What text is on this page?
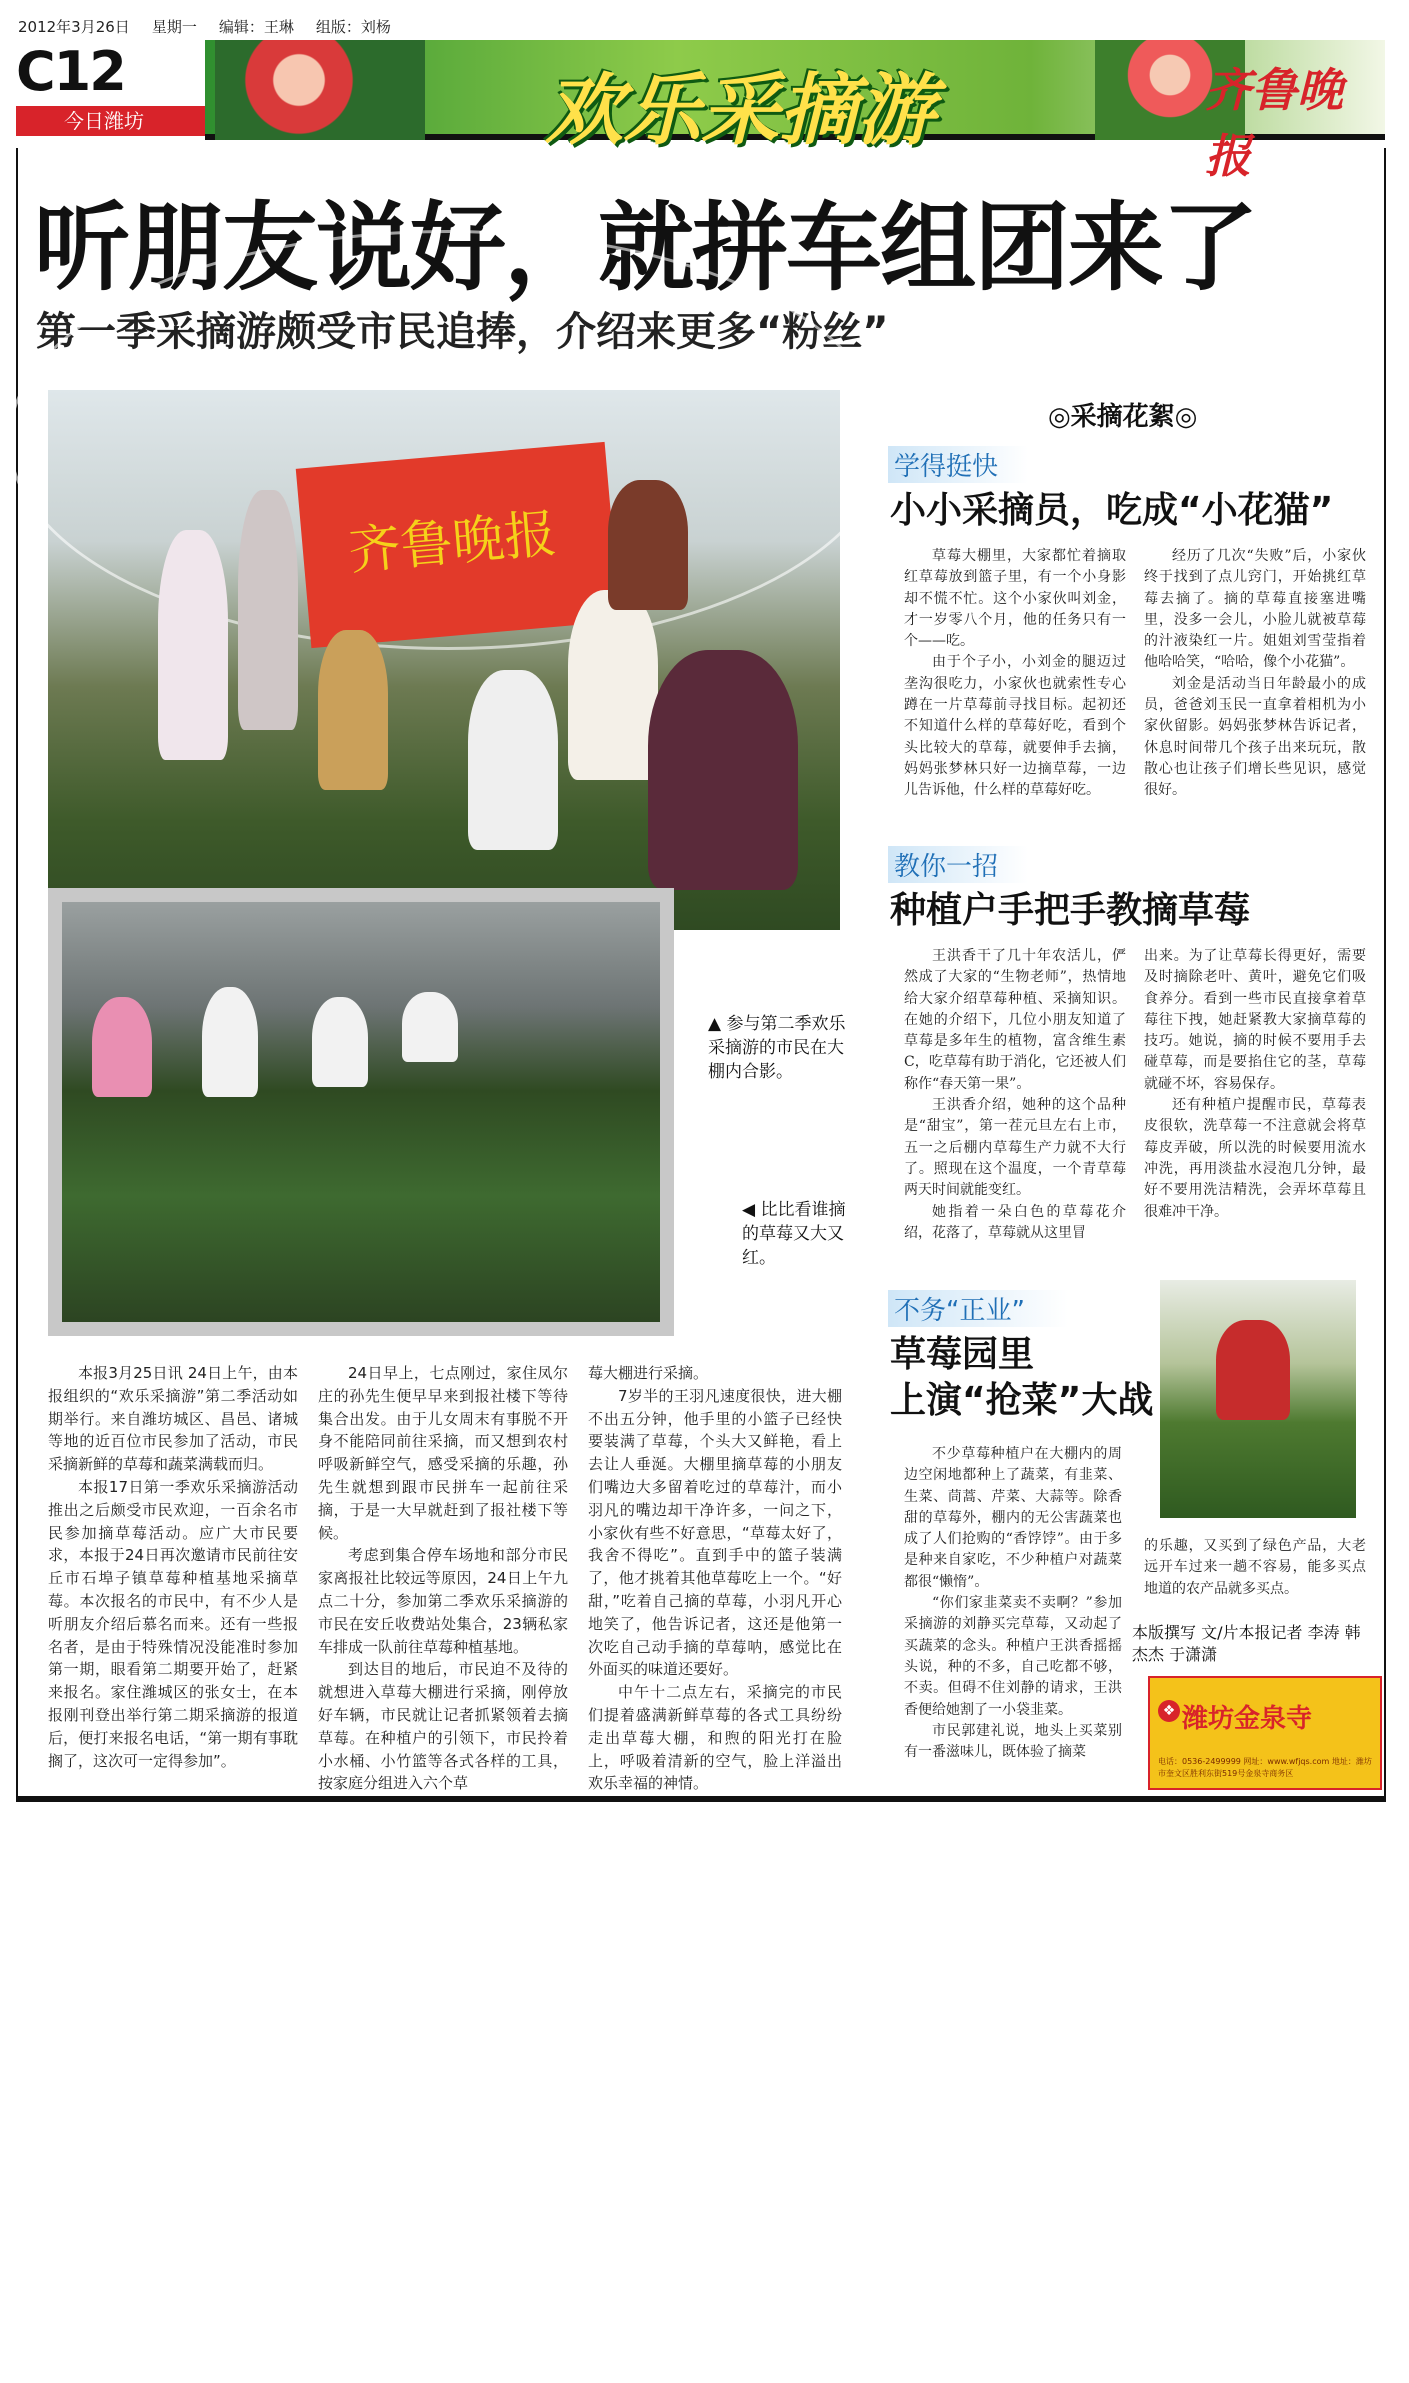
2012年3月26日 星期一 编辑：王琳 组版：刘杨
C12
今日潍坊	欢乐采摘游	齐鲁晚报
听朋友说好，就拼车组团来了
第一季采摘游颇受市民追捧，介绍来更多“粉丝”
齐鲁晚报
▲ 参与第二季欢乐采摘游的市民在大棚内合影。
◀ 比比看谁摘的草莓又大又红。

本报3月25日讯 24日上午，由本报组织的“欢乐采摘游”第二季活动如期举行。来自潍坊城区、昌邑、诸城等地的近百位市民参加了活动，市民采摘新鲜的草莓和蔬菜满载而归。

本报17日第一季欢乐采摘游活动推出之后颇受市民欢迎，一百余名市民参加摘草莓活动。应广大市民要求，本报于24日再次邀请市民前往安丘市石埠子镇草莓种植基地采摘草莓。本次报名的市民中，有不少人是听朋友介绍后慕名而来。还有一些报名者，是由于特殊情况没能准时参加第一期，眼看第二期要开始了，赶紧来报名。家住潍城区的张女士，在本报刚刊登出举行第二期采摘游的报道后，便打来报名电话，“第一期有事耽搁了，这次可一定得参加”。

24日早上，七点刚过，家住凤尔庄的孙先生便早早来到报社楼下等待集合出发。由于儿女周末有事脱不开身不能陪同前往采摘，而又想到农村呼吸新鲜空气，感受采摘的乐趣，孙先生就想到跟市民拼车一起前往采摘，于是一大早就赶到了报社楼下等候。

考虑到集合停车场地和部分市民家离报社比较远等原因，24日上午九点二十分，参加第二季欢乐采摘游的市民在安丘收费站处集合，23辆私家车排成一队前往草莓种植基地。

到达目的地后，市民迫不及待的就想进入草莓大棚进行采摘，刚停放好车辆，市民就让记者抓紧领着去摘草莓。在种植户的引领下，市民拎着小水桶、小竹篮等各式各样的工具，按家庭分组进入六个草

莓大棚进行采摘。

7岁半的王羽凡速度很快，进大棚不出五分钟，他手里的小篮子已经快要装满了草莓，个头大又鲜艳，看上去让人垂涎。大棚里摘草莓的小朋友们嘴边大多留着吃过的草莓汁，而小羽凡的嘴边却干净许多，一问之下，小家伙有些不好意思，“草莓太好了，我舍不得吃”。直到手中的篮子装满了，他才挑着其他草莓吃上一个。“好甜，”吃着自己摘的草莓，小羽凡开心地笑了，他告诉记者，这还是他第一次吃自己动手摘的草莓呐，感觉比在外面买的味道还要好。

中午十二点左右，采摘完的市民们提着盛满新鲜草莓的各式工具纷纷走出草莓大棚，和煦的阳光打在脸上，呼吸着清新的空气，脸上洋溢出欢乐幸福的神情。

◎采摘花絮◎
学得挺快
小小采摘员，吃成“小花猫”

草莓大棚里，大家都忙着摘取红草莓放到篮子里，有一个小身影却不慌不忙。这个小家伙叫刘金，才一岁零八个月，他的任务只有一个——吃。

由于个子小，小刘金的腿迈过垄沟很吃力，小家伙也就索性专心蹲在一片草莓前寻找目标。起初还不知道什么样的草莓好吃，看到个头比较大的草莓，就要伸手去摘，妈妈张梦林只好一边摘草莓，一边儿告诉他，什么样的草莓好吃。

经历了几次“失败”后，小家伙终于找到了点儿窍门，开始挑红草莓去摘了。摘的草莓直接塞进嘴里，没多一会儿，小脸儿就被草莓的汁液染红一片。姐姐刘雪莹指着他哈哈笑，“哈哈，像个小花猫”。

刘金是活动当日年龄最小的成员，爸爸刘玉民一直拿着相机为小家伙留影。妈妈张梦林告诉记者，休息时间带几个孩子出来玩玩，散散心也让孩子们增长些见识，感觉很好。

教你一招
种植户手把手教摘草莓

王洪香干了几十年农活儿，俨然成了大家的“生物老师”，热情地给大家介绍草莓种植、采摘知识。在她的介绍下，几位小朋友知道了草莓是多年生的植物，富含维生素C，吃草莓有助于消化，它还被人们称作“春天第一果”。

王洪香介绍，她种的这个品种是“甜宝”，第一茬元旦左右上市，五一之后棚内草莓生产力就不大行了。照现在这个温度，一个青草莓两天时间就能变红。

她指着一朵白色的草莓花介绍，花落了，草莓就从这里冒

出来。为了让草莓长得更好，需要及时摘除老叶、黄叶，避免它们吸食养分。看到一些市民直接拿着草莓往下拽，她赶紧教大家摘草莓的技巧。她说，摘的时候不要用手去碰草莓，而是要掐住它的茎，草莓就碰不坏，容易保存。

还有种植户提醒市民，草莓表皮很软，洗草莓一不注意就会将草莓皮弄破，所以洗的时候要用流水冲洗，再用淡盐水浸泡几分钟，最好不要用洗洁精洗，会弄坏草莓且很难冲干净。

不务“正业”
草莓园里
上演“抢菜”大战

不少草莓种植户在大棚内的周边空闲地都种上了蔬菜，有韭菜、生菜、茼蒿、芹菜、大蒜等。除香甜的草莓外，棚内的无公害蔬菜也成了人们抢购的“香饽饽”。由于多是种来自家吃，不少种植户对蔬菜都很“懒惰”。

“你们家韭菜卖不卖啊？”参加采摘游的刘静买完草莓，又动起了买蔬菜的念头。种植户王洪香摇摇头说，种的不多，自己吃都不够，不卖。但碍不住刘静的请求，王洪香便给她割了一小袋韭菜。

市民郭建礼说，地头上买菜别有一番滋味儿，既体验了摘菜

的乐趣，又买到了绿色产品，大老远开车过来一趟不容易，能多买点地道的农产品就多买点。

本版撰写 文/片本报记者 李涛 韩杰杰 于潇潇
❖ 潍坊金泉寺
电话：0536-2499999 网址：www.wfjqs.com 地址：潍坊市奎文区胜利东街519号金泉寺商务区
